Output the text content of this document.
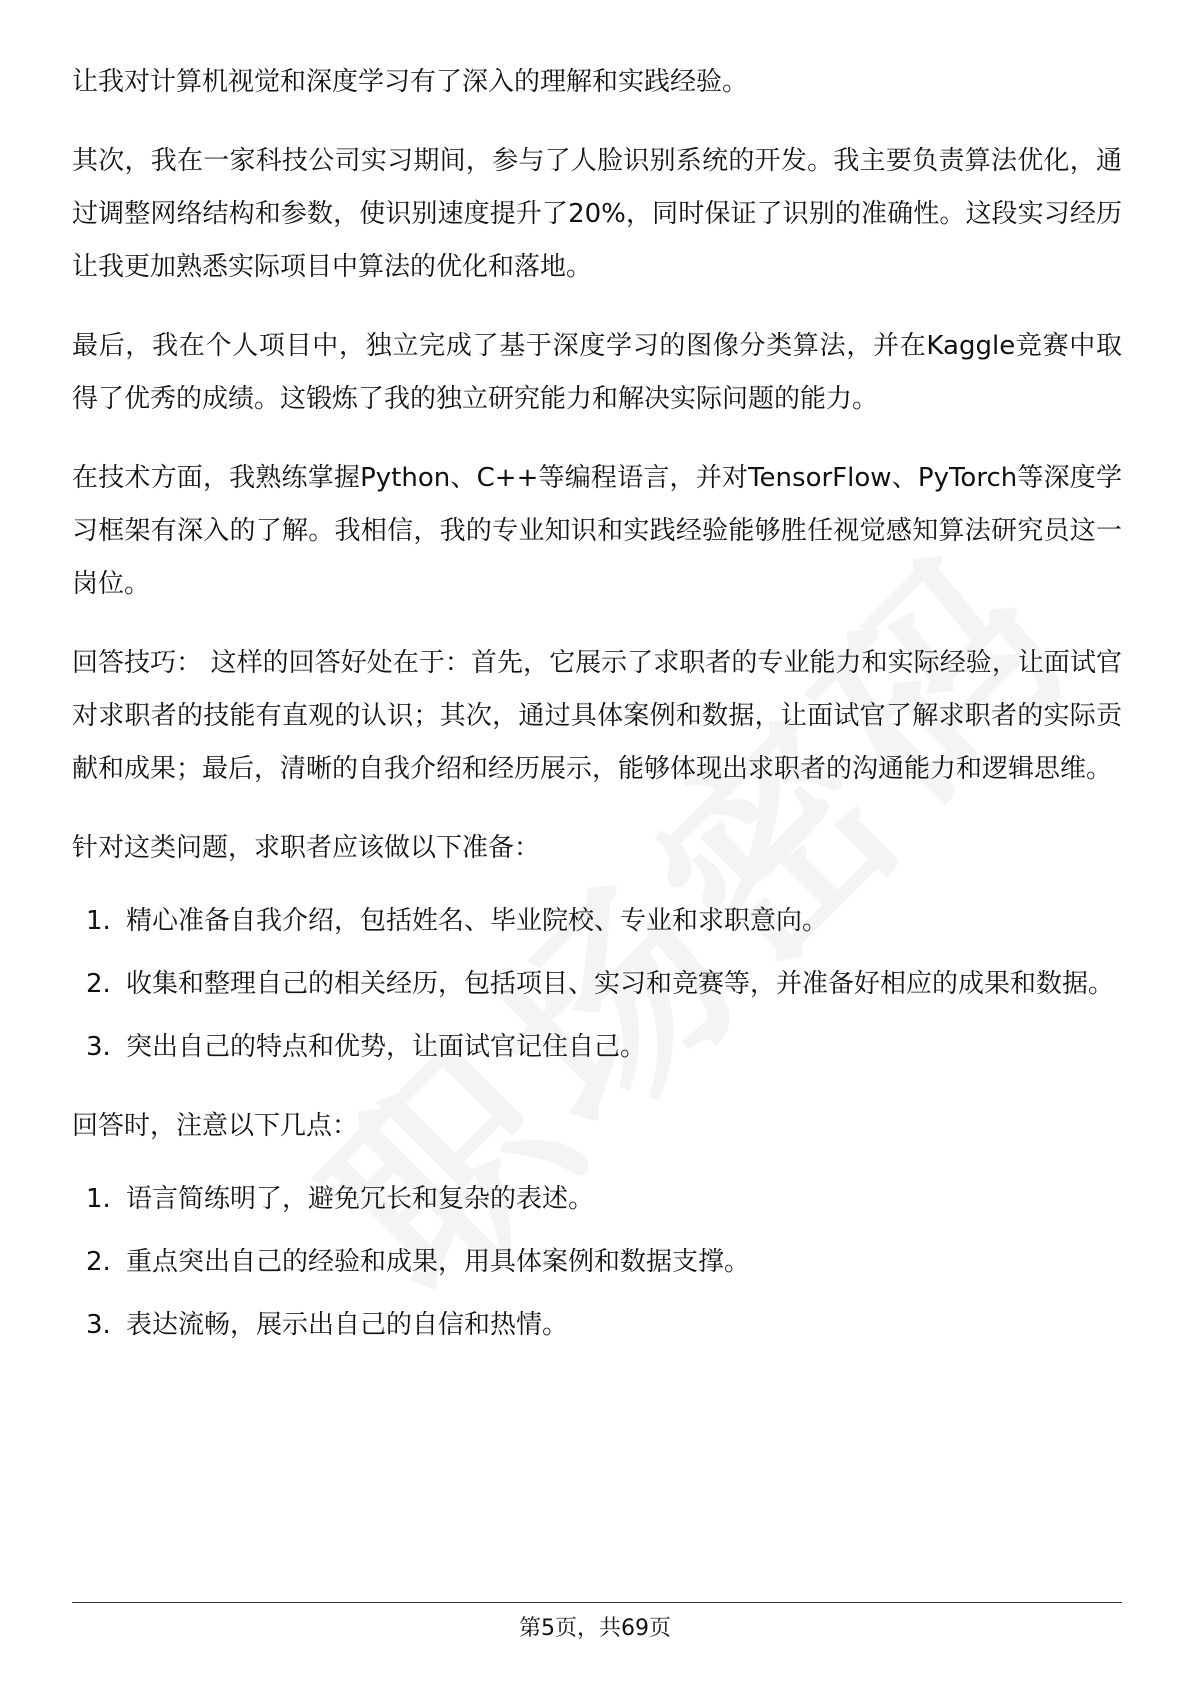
让我对计算机视觉和深度学习有了深入的理解和实践经验。

其次，我在一家科技公司实习期间，参与了人脸识别系统的开发。我主要负责算法优化，通过调整网络结构和参数，使识别速度提升了20%，同时保证了识别的准确性。这段实习经历让我更加熟悉实际项目中算法的优化和落地。

最后，我在个人项目中，独立完成了基于深度学习的图像分类算法，并在Kaggle竞赛中取得了优秀的成绩。这锻炼了我的独立研究能力和解决实际问题的能力。

在技术方面，我熟练掌握Python、C++等编程语言，并对TensorFlow、PyTorch等深度学习框架有深入的了解。我相信，我的专业知识和实践经验能够胜任视觉感知算法研究员这一岗位。

回答技巧： 这样的回答好处在于：首先，它展示了求职者的专业能力和实际经验，让面试官对求职者的技能有直观的认识；其次，通过具体案例和数据，让面试官了解求职者的实际贡献和成果；最后，清晰的自我介绍和经历展示，能够体现出求职者的沟通能力和逻辑思维。

针对这类问题，求职者应该做以下准备：

1. 精心准备自我介绍，包括姓名、毕业院校、专业和求职意向。
2. 收集和整理自己的相关经历，包括项目、实习和竞赛等，并准备好相应的成果和数据。
3. 突出自己的特点和优势，让面试官记住自己。

回答时，注意以下几点：

1. 语言简练明了，避免冗长和复杂的表述。
2. 重点突出自己的经验和成果，用具体案例和数据支撑。
3. 表达流畅，展示出自己的自信和热情。
第5页，共69页
